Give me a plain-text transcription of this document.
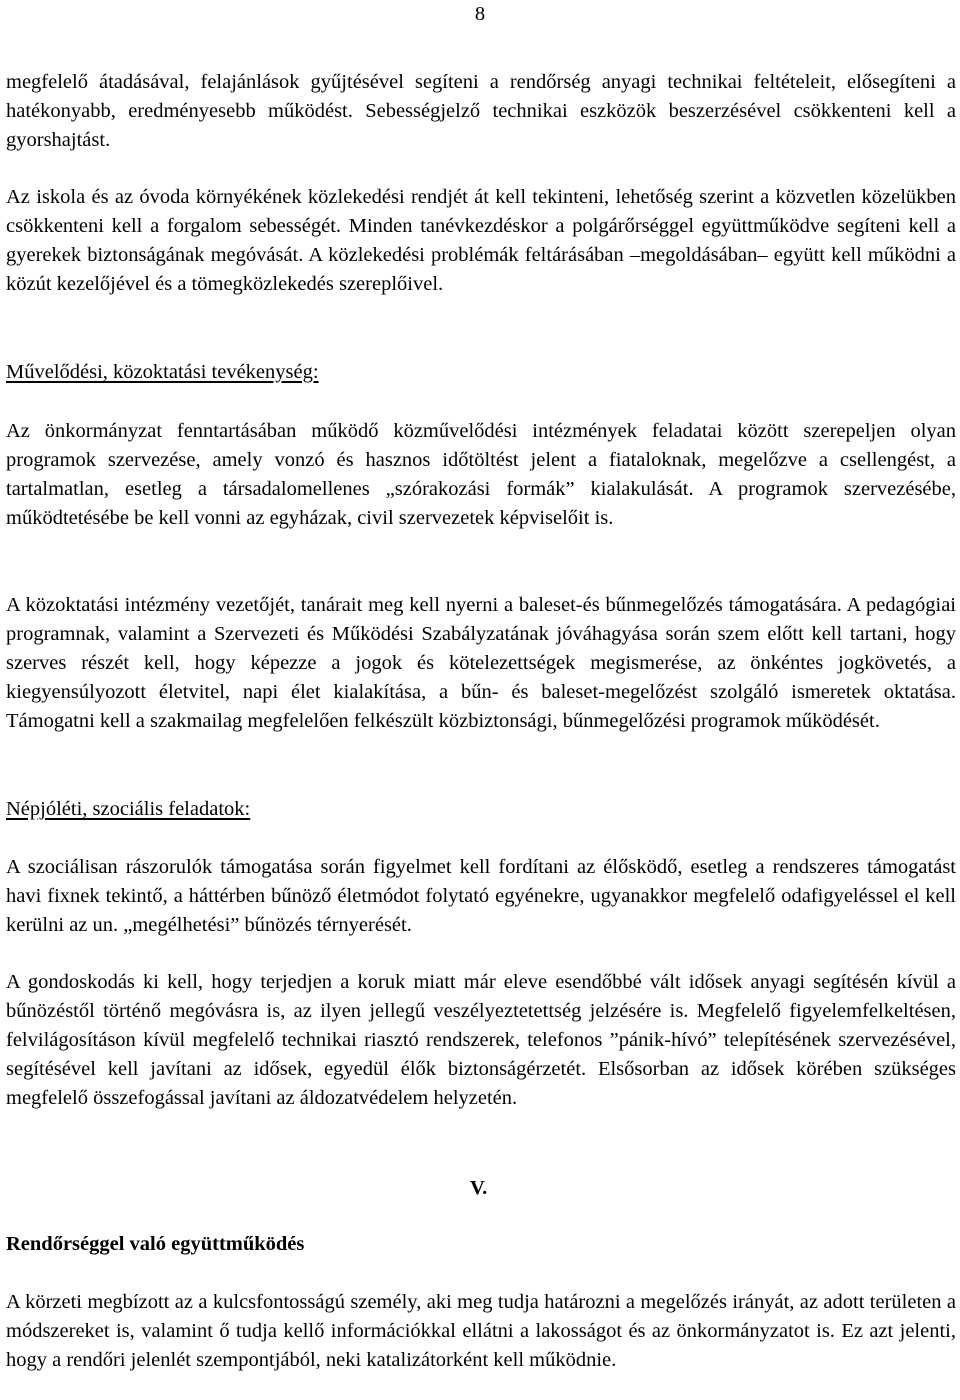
8

megfelelő átadásával, felajánlások gyűjtésével segíteni a rendőrség anyagi technikai feltételeit, elősegíteni a hatékonyabb, eredményesebb működést. Sebességjelző technikai eszközök beszerzésével csökkenteni kell a gyorshajtást.

Az iskola és az óvoda környékének közlekedési rendjét át kell tekinteni, lehetőség szerint a közvetlen közelükben csökkenteni kell a forgalom sebességét. Minden tanévkezdéskor a polgárőrséggel együttműködve segíteni kell a gyerekek biztonságának megóvását. A közlekedési problémák feltárásában –megoldásában– együtt kell működni a közút kezelőjével és a tömegközlekedés szereplőivel.

Művelődési, közoktatási tevékenység:

Az önkormányzat fenntartásában működő közművelődési intézmények feladatai között szerepeljen olyan programok szervezése, amely vonzó és hasznos időtöltést jelent a fiataloknak, megelőzve a csellengést, a tartalmatlan, esetleg a társadalomellenes „szórakozási formák” kialakulását. A programok szervezésébe, működtetésébe be kell vonni az egyházak, civil szervezetek képviselőit is.

A közoktatási intézmény vezetőjét, tanárait meg kell nyerni a baleset-és bűnmegelőzés támogatására. A pedagógiai programnak, valamint a Szervezeti és Működési Szabályzatának jóváhagyása során szem előtt kell tartani, hogy szerves részét kell, hogy képezze a jogok és kötelezettségek megismerése, az önkéntes jogkövetés, a kiegyensúlyozott életvitel, napi élet kialakítása, a bűn- és baleset-megelőzést szolgáló ismeretek oktatása. Támogatni kell a szakmailag megfelelően felkészült közbiztonsági, bűnmegelőzési programok működését.

Népjóléti, szociális feladatok:

A szociálisan rászorulók támogatása során figyelmet kell fordítani az élősködő, esetleg a rendszeres támogatást havi fixnek tekintő, a háttérben bűnöző életmódot folytató egyénekre, ugyanakkor megfelelő odafigyeléssel el kell kerülni az un. „megélhetési” bűnözés térnyerését.

A gondoskodás ki kell, hogy terjedjen a koruk miatt már eleve esendőbbé vált idősek anyagi segítésén kívül a bűnözéstől történő megóvásra is, az ilyen jellegű veszélyeztetettség jelzésére is. Megfelelő figyelemfelkeltésen, felvilágosításon kívül megfelelő technikai riasztó rendszerek, telefonos ”pánik-hívó” telepítésének szervezésével, segítésével kell javítani az idősek, egyedül élők biztonságérzetét. Elsősorban az idősek körében szükséges megfelelő összefogással javítani az áldozatvédelem helyzetén.

V.
Rendőrséggel való együttműködés

A körzeti megbízott az a kulcsfontosságú személy, aki meg tudja határozni a megelőzés irányát, az adott területen a módszereket is, valamint ő tudja kellő információkkal ellátni a lakosságot és az önkormányzatot is. Ez azt jelenti, hogy a rendőri jelenlét szempontjából, neki katalizátorként kell működnie.
